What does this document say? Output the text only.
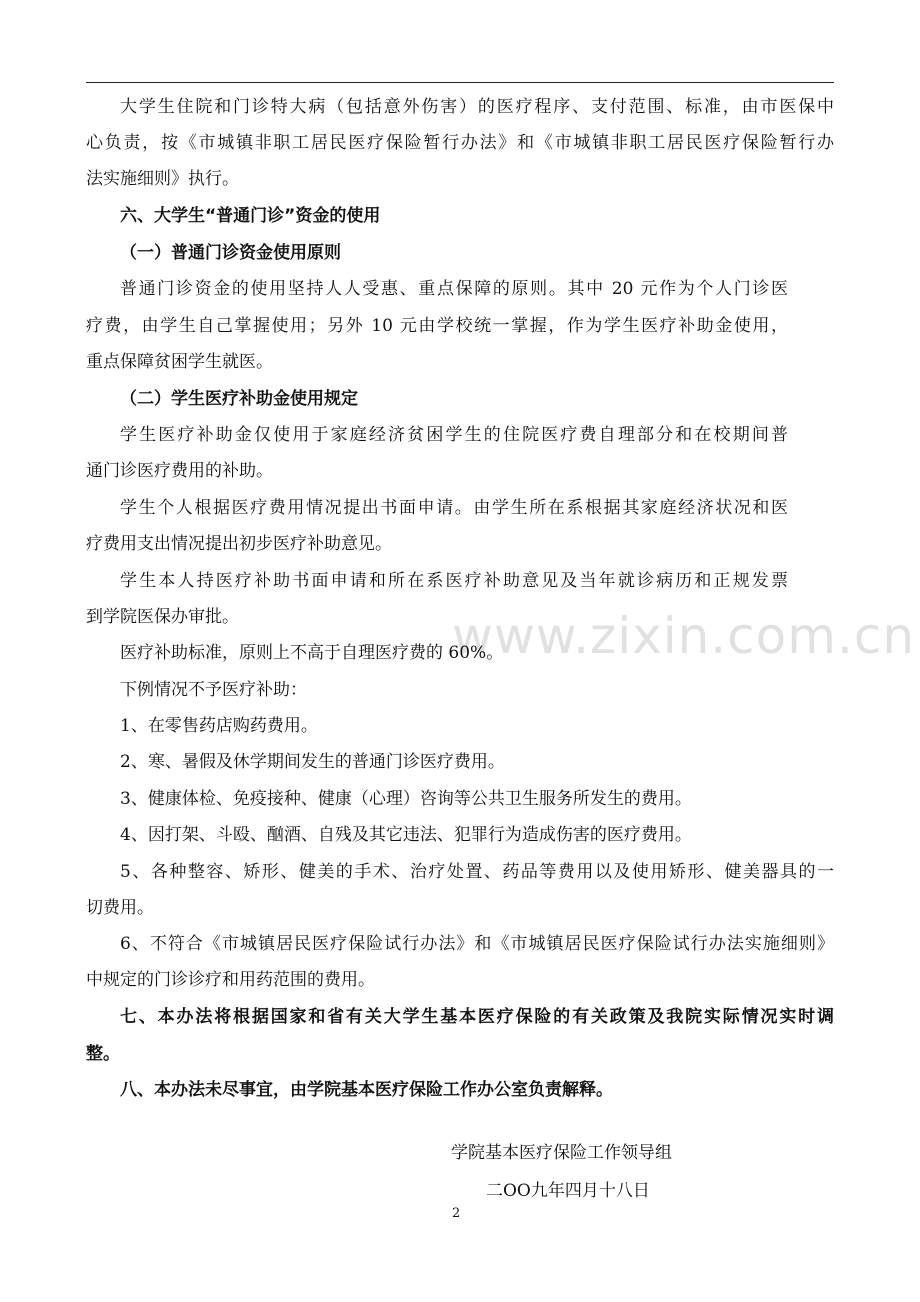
www.zixin.com.cn
大学生住院和门诊特大病（包括意外伤害）的医疗程序、支付范围、标准，由市医保中
心负责，按《市城镇非职工居民医疗保险暂行办法》和《市城镇非职工居民医疗保险暂行办
法实施细则》执行。
六、大学生“普通门诊”资金的使用
（一）普通门诊资金使用原则
普通门诊资金的使用坚持人人受惠、重点保障的原则。其中 20 元作为个人门诊医
疗费，由学生自己掌握使用；另外 10 元由学校统一掌握，作为学生医疗补助金使用，
重点保障贫困学生就医。
（二）学生医疗补助金使用规定
学生医疗补助金仅使用于家庭经济贫困学生的住院医疗费自理部分和在校期间普
通门诊医疗费用的补助。
学生个人根据医疗费用情况提出书面申请。由学生所在系根据其家庭经济状况和医
疗费用支出情况提出初步医疗补助意见。
学生本人持医疗补助书面申请和所在系医疗补助意见及当年就诊病历和正规发票
到学院医保办审批。
医疗补助标准，原则上不高于自理医疗费的 60%。
下例情况不予医疗补助：
1、在零售药店购药费用。
2、寒、暑假及休学期间发生的普通门诊医疗费用。
3、健康体检、免疫接种、健康（心理）咨询等公共卫生服务所发生的费用。
4、因打架、斗殴、酗酒、自残及其它违法、犯罪行为造成伤害的医疗费用。
5、各种整容、矫形、健美的手术、治疗处置、药品等费用以及使用矫形、健美器具的一
切费用。
6、不符合《市城镇居民医疗保险试行办法》和《市城镇居民医疗保险试行办法实施细则》
中规定的门诊诊疗和用药范围的费用。
七、本办法将根据国家和省有关大学生基本医疗保险的有关政策及我院实际情况实时调
整。
八、本办法未尽事宜，由学院基本医疗保险工作办公室负责解释。
学院基本医疗保险工作领导组
二OO九年四月十八日
2
